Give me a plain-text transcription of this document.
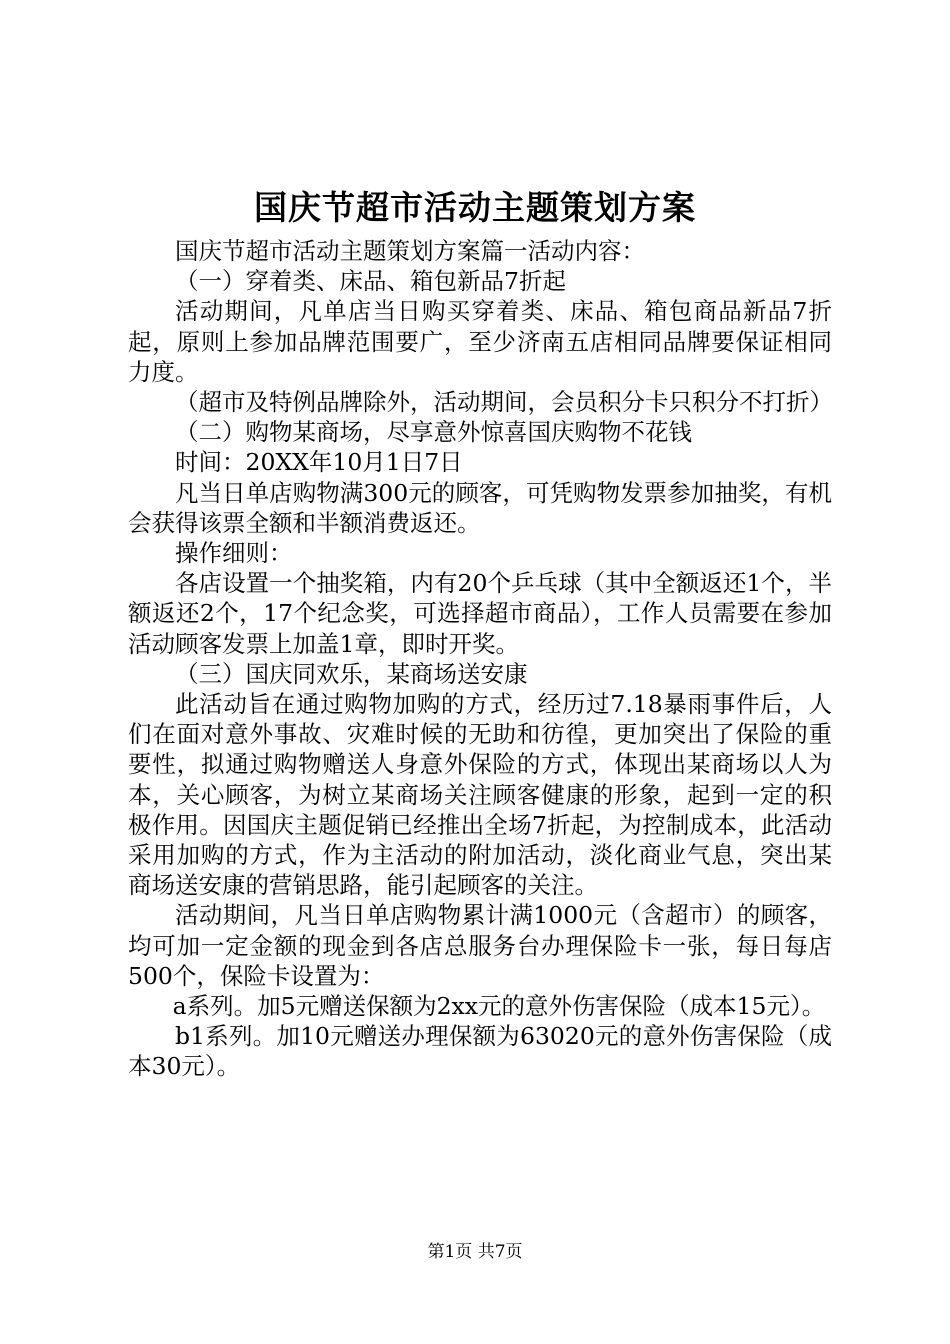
国庆节超市活动主题策划方案

国庆节超市活动主题策划方案篇一活动内容：

（一）穿着类、床品、箱包新品7折起

活动期间，凡单店当日购买穿着类、床品、箱包商品新品7折起，原则上参加品牌范围要广，至少济南五店相同品牌要保证相同力度。

（超市及特例品牌除外，活动期间，会员积分卡只积分不打折）

（二）购物某商场，尽享意外惊喜国庆购物不花钱

时间：20XX年10月1日7日

凡当日单店购物满300元的顾客，可凭购物发票参加抽奖，有机会获得该票全额和半额消费返还。

操作细则：

各店设置一个抽奖箱，内有20个乒乓球（其中全额返还1个，半额返还2个，17个纪念奖，可选择超市商品），工作人员需要在参加活动顾客发票上加盖1章，即时开奖。

（三）国庆同欢乐，某商场送安康

此活动旨在通过购物加购的方式，经历过7.18暴雨事件后，人们在面对意外事故、灾难时候的无助和彷徨，更加突出了保险的重要性，拟通过购物赠送人身意外保险的方式，体现出某商场以人为本，关心顾客，为树立某商场关注顾客健康的形象，起到一定的积极作用。因国庆主题促销已经推出全场7折起，为控制成本，此活动采用加购的方式，作为主活动的附加活动，淡化商业气息，突出某商场送安康的营销思路，能引起顾客的关注。

活动期间，凡当日单店购物累计满1000元（含超市）的顾客，均可加一定金额的现金到各店总服务台办理保险卡一张，每日每店500个，保险卡设置为：

a系列。加5元赠送保额为2xx元的意外伤害保险（成本15元）。

b1系列。加10元赠送办理保额为63020元的意外伤害保险（成本30元）。

第1页 共7页
